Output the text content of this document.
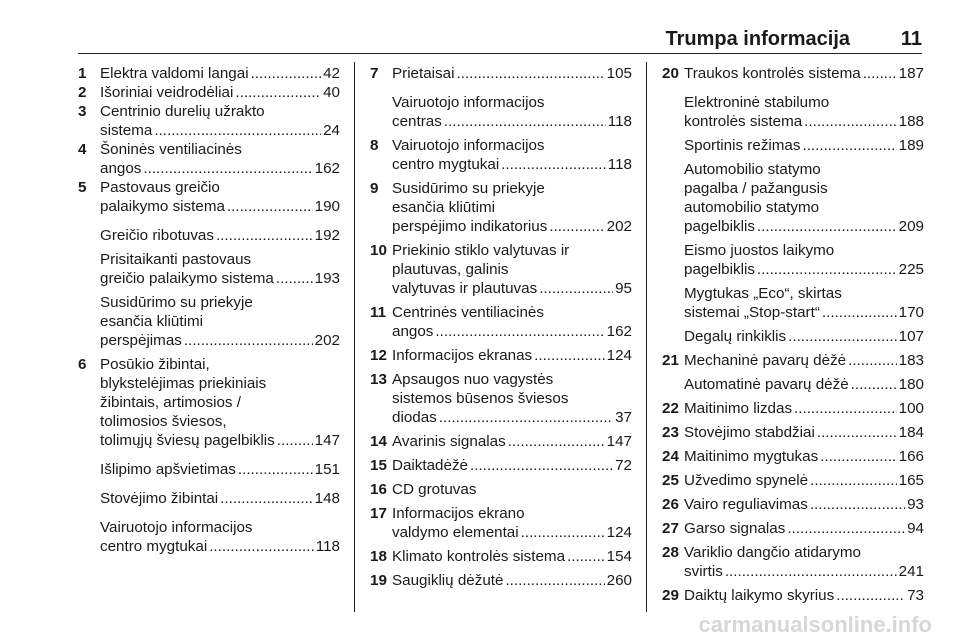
Trumpa informacija	11
1 Elektra valdomi langai .....	42
2 Išoriniai veidrodėliai .....	40
3 Centrinio durelių užrakto
sistema .....	24
4 Šoninės ventiliacinės
angos .....	162
5 Pastovaus greičio
palaikymo sistema .....	190
Greičio ribotuvas .....	192
Prisitaikanti pastovaus
greičio palaikymo sistema .....	193
Susidūrimo su priekyje
esančia kliūtimi
perspėjimas .....	202
6 Posūkio žibintai,
blykstelėjimas priekiniais
žibintais, artimosios /
tolimosios šviesos,
tolimųjų šviesų pagelbiklis .....	147
Išlipimo apšvietimas .....	151
Stovėjimo žibintai .....	148
Vairuotojo informacijos
centro mygtukai .....	118
7 Prietaisai .....	105
Vairuotojo informacijos
centras .....	118
8 Vairuotojo informacijos
centro mygtukai .....	118
9 Susidūrimo su priekyje
esančia kliūtimi
perspėjimo indikatorius .....	202
10 Priekinio stiklo valytuvas ir
plautuvas, galinis
valytuvas ir plautuvas .....	95
11 Centrinės ventiliacinės
angos .....	162
12 Informacijos ekranas .....	124
13 Apsaugos nuo vagystės
sistemos būsenos šviesos
diodas .....	37
14 Avarinis signalas .....	147
15 Daiktadėžė .....	72
16 CD grotuvas
17 Informacijos ekrano
valdymo elementai .....	124
18 Klimato kontrolės sistema .....	154
19 Saugiklių dėžutė .....	260
20 Traukos kontrolės sistema ..... 187
Elektroninė stabilumo
kontrolės sistema .....	188
Sportinis režimas .....	189
Automobilio statymo
pagalba / pažangusis
automobilio statymo
pagelbiklis .....	209
Eismo juostos laikymo
pagelbiklis .....	225
Mygtukas „Eco“, skirtas
sistemai „Stop-start“ .....	170
Degalų rinkiklis .....	107
21 Mechaninė pavarų dėžė .....	183
Automatinė pavarų dėžė .....	180
22 Maitinimo lizdas .....	100
23 Stovėjimo stabdžiai .....	184
24 Maitinimo mygtukas .....	166
25 Užvedimo spynelė .....	165
26 Vairo reguliavimas .....	93
27 Garso signalas .....	94
28 Variklio dangčio atidarymo
svirtis .....	241
29 Daiktų laikymo skyrius .....	73
carmanualsonline.info
